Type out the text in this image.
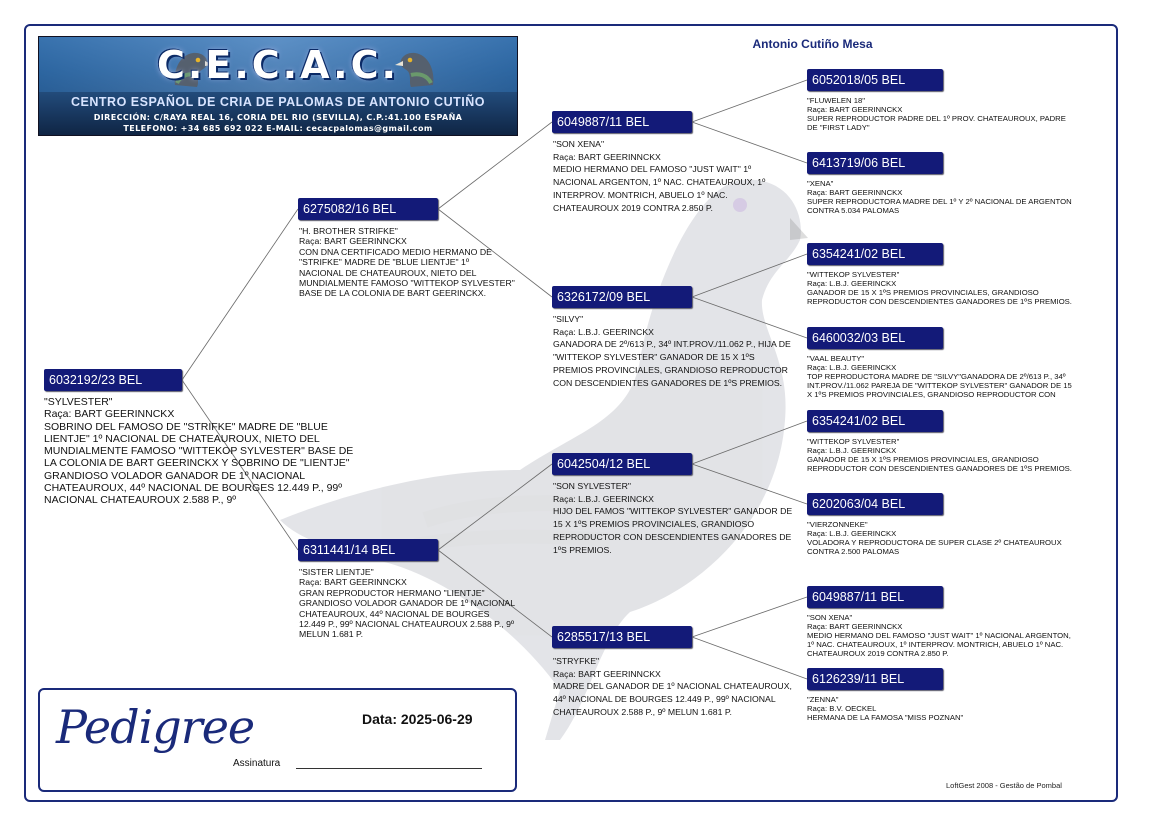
C.E.C.A.C.
CENTRO ESPAÑOL DE CRIA DE PALOMAS DE ANTONIO CUTIÑO
DIRECCIÓN: C/RAYA REAL 16, CORIA DEL RIO (SEVILLA), C.P.:41.100 ESPAÑA
TELEFONO: +34 685 692 022 E-MAIL: cecacpalomas@gmail.com
Antonio Cutiño Mesa
6032192/23 BEL
"SYLVESTER"
Raça: BART GEERINNCKX
SOBRINO DEL FAMOSO DE "STRIFKE" MADRE DE "BLUE LIENTJE" 1º NACIONAL DE CHATEAUROUX, NIETO DEL MUNDIALMENTE FAMOSO "WITTEKOP SYLVESTER" BASE DE LA COLONIA DE BART GEERINCKX Y SOBRINO DE "LIENTJE" GRANDIOSO VOLADOR GANADOR DE 1º NACIONAL CHATEAUROUX, 44º NACIONAL DE BOURGES 12.449 P., 99º NACIONAL CHATEAUROUX 2.588 P., 9º
6275082/16 BEL
"H. BROTHER STRIFKE"
Raça: BART GEERINNCKX
CON DNA CERTIFICADO MEDIO HERMANO DE "STRIFKE" MADRE DE "BLUE LIENTJE" 1º NACIONAL DE CHATEAUROUX, NIETO DEL MUNDIALMENTE FAMOSO "WITTEKOP SYLVESTER" BASE DE LA COLONIA DE BART GEERINCKX.
6311441/14 BEL
"SISTER LIENTJE"
Raça: BART GEERINNCKX
GRAN REPRODUCTOR HERMANO "LIENTJE" GRANDIOSO VOLADOR GANADOR DE 1º NACIONAL CHATEAUROUX, 44º NACIONAL DE BOURGES 12.449 P., 99º NACIONAL CHATEAUROUX 2.588 P., 9º MELUN 1.681 P.
6049887/11 BEL
"SON XENA"
Raça: BART GEERINNCKX
MEDIO HERMANO DEL FAMOSO "JUST WAIT" 1º NACIONAL ARGENTON, 1º NAC. CHATEAUROUX, 1º INTERPROV. MONTRICH, ABUELO 1º NAC. CHATEAUROUX 2019 CONTRA 2.850 P.
6326172/09 BEL
"SILVY"
Raça: L.B.J. GEERINCKX
GANADORA DE 2º/613 P., 34º INT.PROV./11.062 P., HIJA DE "WITTEKOP SYLVESTER" GANADOR DE 15 X 1ºS PREMIOS PROVINCIALES, GRANDIOSO REPRODUCTOR CON DESCENDIENTES GANADORES DE 1ºS PREMIOS.
6042504/12 BEL
"SON SYLVESTER"
Raça: L.B.J. GEERINCKX
HIJO DEL FAMOS "WITTEKOP SYLVESTER" GANADOR DE 15 X 1ºS PREMIOS PROVINCIALES, GRANDIOSO REPRODUCTOR CON DESCENDIENTES GANADORES DE 1ºS PREMIOS.
6285517/13 BEL
"STRYFKE"
Raça: BART GEERINNCKX
MADRE DEL GANADOR DE 1º NACIONAL CHATEAUROUX, 44º NACIONAL DE BOURGES 12.449 P., 99º NACIONAL CHATEAUROUX 2.588 P., 9º MELUN 1.681 P.
6052018/05 BEL
"FLUWELEN 18"
Raça: BART GEERINNCKX
SUPER REPRODUCTOR PADRE DEL 1º PROV. CHATEAUROUX, PADRE DE "FIRST LADY"
6413719/06 BEL
"XENA"
Raça: BART GEERINNCKX
SUPER REPRODUCTORA MADRE DEL 1º Y 2º NACIONAL DE ARGENTON CONTRA 5.034 PALOMAS
6354241/02 BEL
"WITTEKOP SYLVESTER"
Raça: L.B.J. GEERINCKX
GANADOR DE 15 X 1ºS PREMIOS PROVINCIALES, GRANDIOSO REPRODUCTOR CON DESCENDIENTES GANADORES DE 1ºS PREMIOS.
6460032/03 BEL
"VAAL BEAUTY"
Raça: L.B.J. GEERINCKX
TOP REPRODUCTORA MADRE DE "SILVY"GANADORA DE 2º/613 P., 34º INT.PROV./11.062 PAREJA DE "WITTEKOP SYLVESTER" GANADOR DE 15 X 1ºS PREMIOS PROVINCIALES, GRANDIOSO REPRODUCTOR CON
6354241/02 BEL
"WITTEKOP SYLVESTER"
Raça: L.B.J. GEERINCKX
GANADOR DE 15 X 1ºS PREMIOS PROVINCIALES, GRANDIOSO REPRODUCTOR CON DESCENDIENTES GANADORES DE 1ºS PREMIOS.
6202063/04 BEL
"VIERZONNEKE"
Raça: L.B.J. GEERINCKX
VOLADORA Y REPRODUCTORA DE SUPER CLASE 2º CHATEAUROUX CONTRA 2.500 PALOMAS
6049887/11 BEL
"SON XENA"
Raça: BART GEERINNCKX
MEDIO HERMANO DEL FAMOSO "JUST WAIT" 1º NACIONAL ARGENTON, 1º NAC. CHATEAUROUX, 1º INTERPROV. MONTRICH, ABUELO 1º NAC. CHATEAUROUX 2019 CONTRA 2.850 P.
6126239/11 BEL
"ZENNA"
Raça: B.V. OECKEL
HERMANA DE LA FAMOSA "MISS POZNAN"
Pedigree	Data: 2025-06-29
Assinatura
LoftGest 2008 - Gestão de Pombal
